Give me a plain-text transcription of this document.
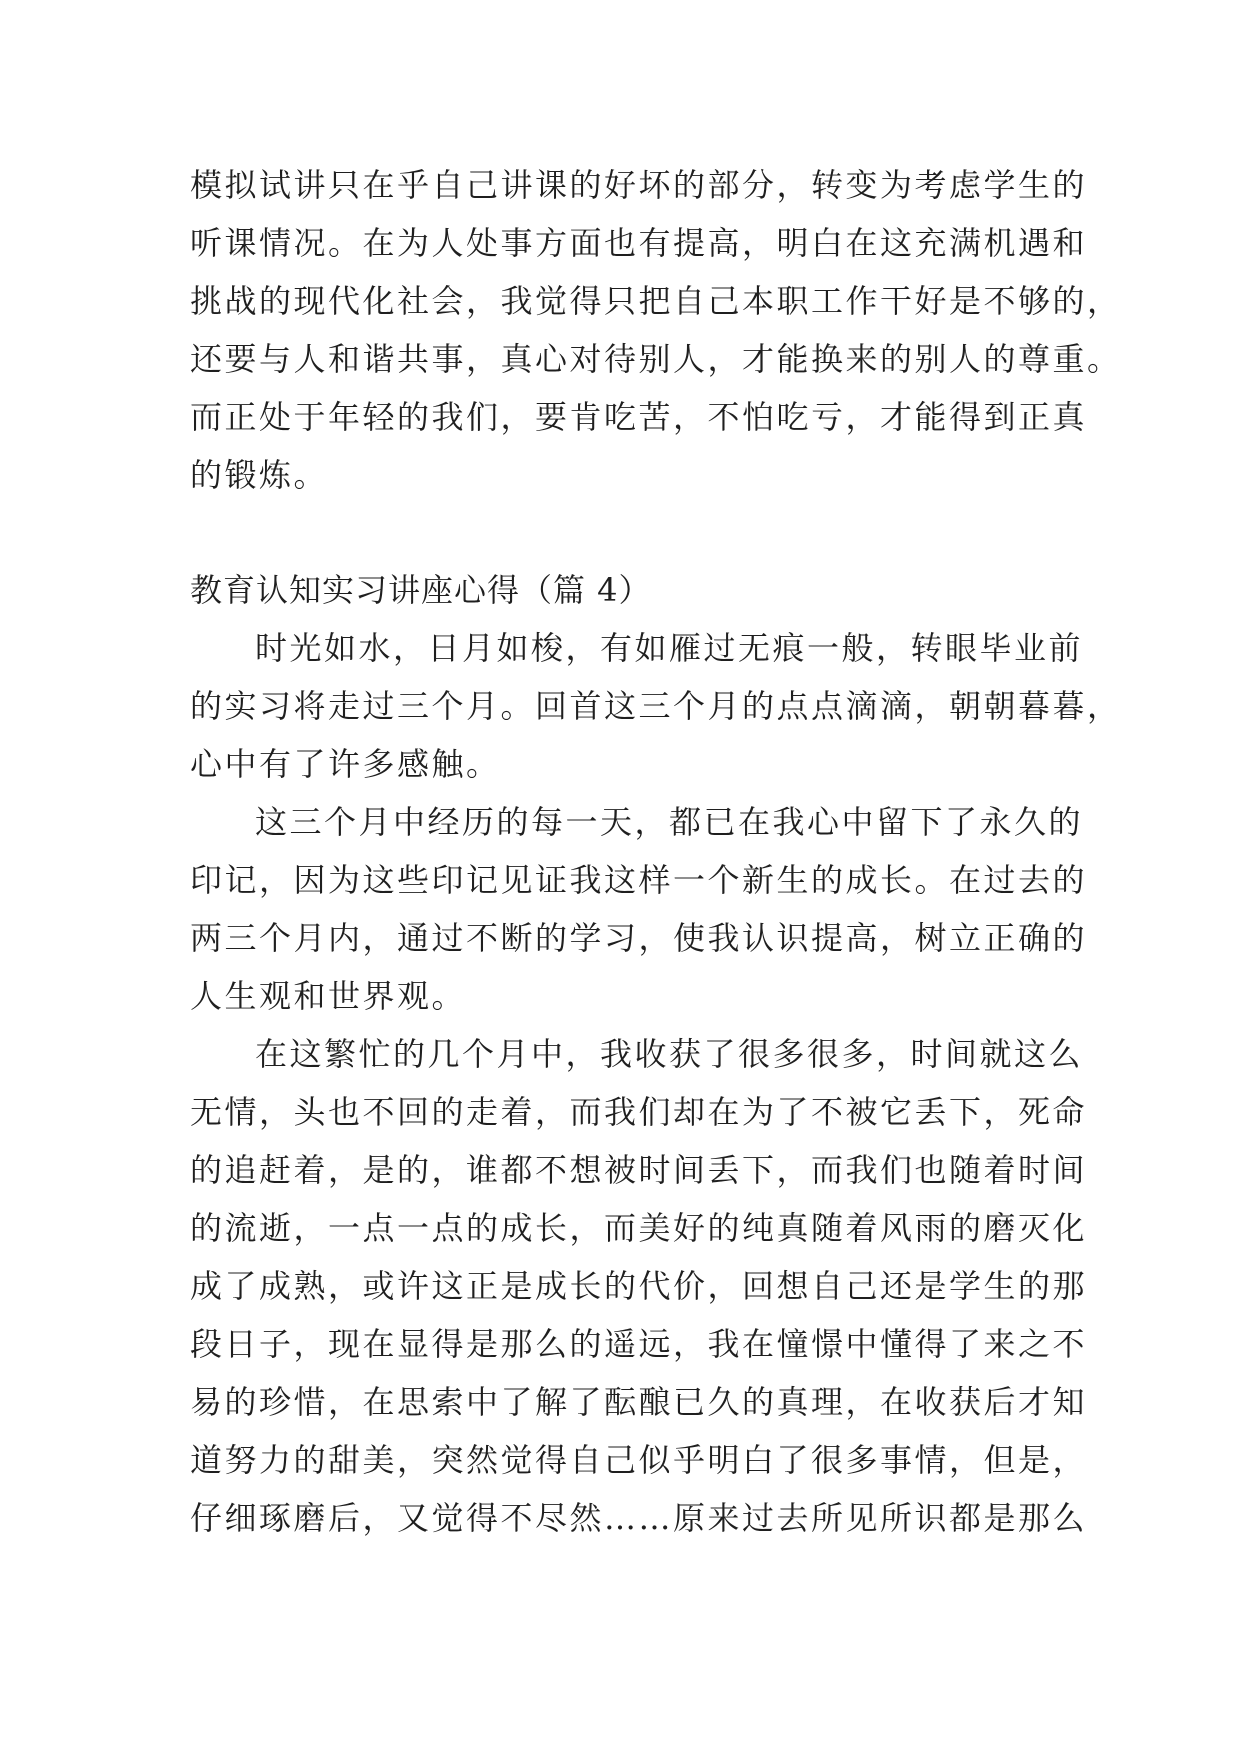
模拟试讲只在乎自己讲课的好坏的部分，转变为考虑学生的

听课情况。在为人处事方面也有提高，明白在这充满机遇和

挑战的现代化社会，我觉得只把自己本职工作干好是不够的，

还要与人和谐共事，真心对待别人，才能换来的别人的尊重。

而正处于年轻的我们，要肯吃苦，不怕吃亏，才能得到正真

的锻炼。

教育认知实习讲座心得（篇 4）

时光如水，日月如梭，有如雁过无痕一般，转眼毕业前

的实习将走过三个月。回首这三个月的点点滴滴，朝朝暮暮，

心中有了许多感触。

这三个月中经历的每一天，都已在我心中留下了永久的

印记，因为这些印记见证我这样一个新生的成长。在过去的

两三个月内，通过不断的学习，使我认识提高，树立正确的

人生观和世界观。

在这繁忙的几个月中，我收获了很多很多，时间就这么

无情，头也不回的走着，而我们却在为了不被它丢下，死命

的追赶着，是的，谁都不想被时间丢下，而我们也随着时间

的流逝，一点一点的成长，而美好的纯真随着风雨的磨灭化

成了成熟，或许这正是成长的代价，回想自己还是学生的那

段日子，现在显得是那么的遥远，我在憧憬中懂得了来之不

易的珍惜，在思索中了解了酝酿已久的真理，在收获后才知

道努力的甜美，突然觉得自己似乎明白了很多事情，但是，

仔细琢磨后，又觉得不尽然……原来过去所见所识都是那么
